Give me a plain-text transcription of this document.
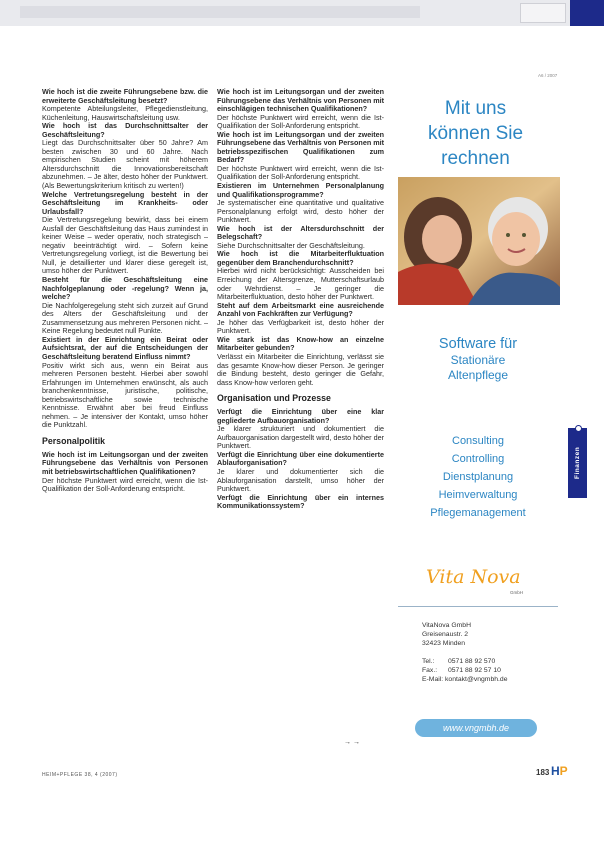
A6 / 2007

Wie hoch ist die zweite Führungsebene bzw. die erweiterte Geschäftsleitung besetzt?

Kompetente Abteilungsleiter, Pflegedienstleitung, Küchenleitung, Hauswirtschaftsleitung usw.

Wie hoch ist das Durchschnittsalter der Geschäftsleitung?

Liegt das Durchschnittsalter über 50 Jahre? Am besten zwischen 30 und 60 Jahre. Nach empirischen Studien scheint mit höherem Altersdurchschnitt die Innovationsbereitschaft abzunehmen. – Je älter, desto höher der Punktwert. (Als Bewertungskriterium kritisch zu werten!)

Welche Vertretungsregelung besteht in der Geschäftsleitung im Krankheits- oder Urlaubsfall?

Die Vertretungsregelung bewirkt, dass bei einem Ausfall der Geschäftsleitung das Haus zumindest in keiner Weise – weder operativ, noch strategisch – negativ beeinträchtigt wird. – Sofern keine Vertretungsregelung vorliegt, ist die Bewertung bei Null, je detaillierter und klarer diese geregelt ist, umso höher der Punktwert.

Besteht für die Geschäftsleitung eine Nachfolgeplanung oder -regelung? Wenn ja, welche?

Die Nachfolgeregelung steht sich zurzeit auf Grund des Alters der Geschäftsleitung und der Zusammensetzung aus mehreren Personen nicht. – Keine Regelung bedeutet null Punkte.

Existiert in der Einrichtung ein Beirat oder Aufsichtsrat, der auf die Entscheidungen der Geschäftsleitung beratend Einfluss nimmt?

Positiv wirkt sich aus, wenn ein Beirat aus mehreren Personen besteht. Hierbei aber sowohl Erfahrungen im Unternehmen erwünscht, als auch branchenkenntnisse, juristische, politische, betriebswirtschaftliche sowie technische Kenntnisse. Erwähnt aber bei freud Einfluss nehmen. – Je intensiver der Kontakt, umso höher die Punktzahl.

Personalpolitik

Wie hoch ist im Leitungsorgan und der zweiten Führungsebene das Verhältnis von Personen mit betriebswirtschaftlichen Qualifikationen?

Der höchste Punktwert wird erreicht, wenn die Ist-Qualifikation der Soll-Anforderung entspricht.

Wie hoch ist im Leitungsorgan und der zweiten Führungsebene das Verhältnis von Personen mit einschlägigen technischen Qualifikationen?

Der höchste Punktwert wird erreicht, wenn die Ist-Qualifikation der Soll-Anforderung entspricht.

Wie hoch ist im Leitungsorgan und der zweiten Führungsebene das Verhältnis von Personen mit betriebsspezifischen Qualifikationen zum Bedarf?

Der höchste Punktwert wird erreicht, wenn die Ist-Qualifikation der Soll-Anforderung entspricht.

Existieren im Unternehmen Personalplanung und Qualifikationsprogramme?

Je systematischer eine quantitative und qualitative Personalplanung erfolgt wird, desto höher der Punktwert.

Wie hoch ist der Altersdurchschnitt der Belegschaft?

Siehe Durchschnittsalter der Geschäftsleitung.

Wie hoch ist die Mitarbeiterfluktuation gegenüber dem Branchendurchschnitt?

Hierbei wird nicht berücksichtigt: Ausscheiden bei Erreichung der Altersgrenze, Mutterschaftsurlaub oder Wehrdienst. – Je geringer die Mitarbeiterfluktuation, desto höher der Punktwert.

Steht auf dem Arbeitsmarkt eine ausreichende Anzahl von Fachkräften zur Verfügung?

Je höher das Verfügbarkeit ist, desto höher der Punktwert.

Wie stark ist das Know-how an einzelne Mitarbeiter gebunden?

Verlässt ein Mitarbeiter die Einrichtung, verlässt sie das gesamte Know-how dieser Person. Je geringer die Bindung besteht, desto geringer die Gefahr, dass Know-how verloren geht.

Organisation und Prozesse

Verfügt die Einrichtung über eine klar gegliederte Aufbauorganisation?

Je klarer strukturiert und dokumentiert die Aufbauorganisation dargestellt wird, desto höher der Punktwert.

Verfügt die Einrichtung über eine dokumentierte Ablauforganisation?

Je klarer und dokumentierter sich die Ablauforganisation darstellt, umso höher der Punktwert.

Verfügt die Einrichtung über ein internes Kommunikationssystem?

→ →
Mit uns
können Sie
rechnen
Software für
Stationäre
Altenpflege
Consulting
Controlling
Dienstplanung
Heimverwaltung
Pflegemanagement
Vita Nova
GmbH
VitaNova GmbH
Greisenaustr. 2
32423 Minden
Tel.:	0571 88 92 570
Fax.:	0571 88 92 57 10
E-Mail: kontakt@vngmbh.de
www.vngmbh.de
Finanzen
HEIM+PFLEGE 38, 4 (2007)	183 HP
